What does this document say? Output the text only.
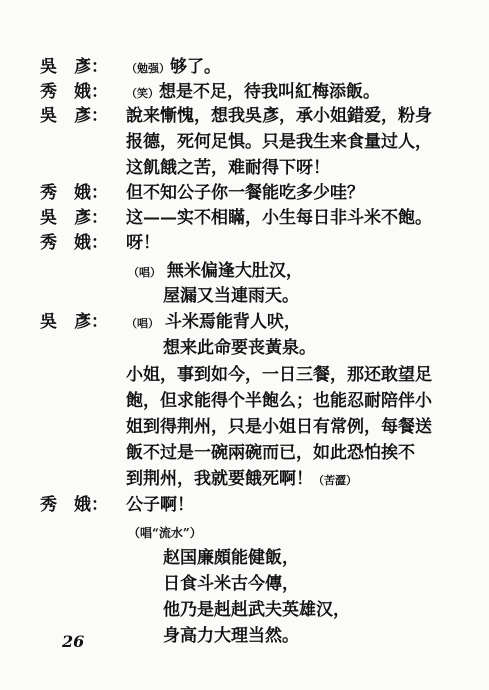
吳　彥： （勉强）够了。
秀　娥： （笑）想是不足，待我叫紅梅添飯。
吳　彥： 說来慚愧，想我吳彥，承小姐錯爱，粉身
报德，死何足惧。只是我生来食量过人，
这飢餓之苦，难耐得下呀！
秀　娥： 但不知公子你一餐能吃多少哇？
吳　彥： 这——实不相瞞，小生每日非斗米不飽。
秀　娥： 呀！
（唱） 無米偏逢大肚汉，
屋漏又当連雨天。
吳　彥： （唱） 斗米焉能背人吠，
想来此命要丧黃泉。
小姐，事到如今，一日三餐，那还敢望足
飽，但求能得个半飽么；也能忍耐陪伴小
姐到得荆州，只是小姐日有常例，每餐送
飯不过是一碗兩碗而已，如此恐怕挨不
到荆州，我就要餓死啊！（苦澀）
秀　娥： 公子啊！
（唱“流水”）
赵国廉頗能健飯，
日食斗米古今傳，
他乃是赳赳武夫英雄汉，
身高力大理当然。
26
